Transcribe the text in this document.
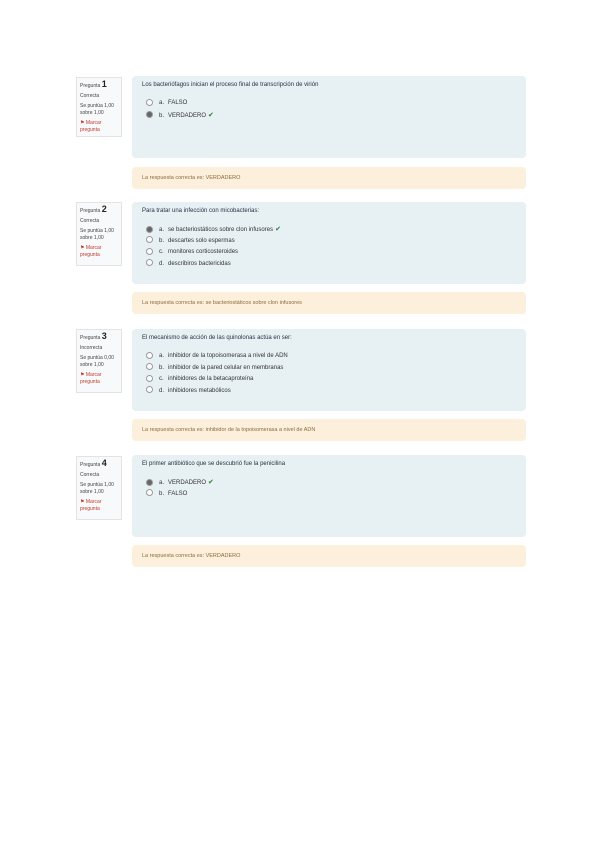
Pregunta 1
Correcta
Se puntúa 1,00 sobre 1,00
⚑ Marcar pregunta
Los bacteriófagos inician el proceso final de transcripción de virión
a. FALSO
b. VERDADERO ✔
La respuesta correcta es: VERDADERO
Pregunta 2
Correcta
Se puntúa 1,00 sobre 1,00
⚑ Marcar pregunta
Para tratar una infección con micobacterias:
a. se bacteriostáticos sobre clon infusores ✔
b. descartes solo espermas
c. monitores corticosteroides
d. describiros bactericidas
La respuesta correcta es: se bacteriostáticos sobre clon infusores
Pregunta 3
Incorrecta
Se puntúa 0,00 sobre 1,00
⚑ Marcar pregunta
El mecanismo de acción de las quinolonas actúa en ser:
a. inhibidor de la topoisomerasa a nivel de ADN
b. inhibidor de la pared celular en membranas
c. inhibidores de la betacaproteína
d. inhibidores metabólicos
La respuesta correcta es: inhibidor de la topoisomerasa a nivel de ADN
Pregunta 4
Correcta
Se puntúa 1,00 sobre 1,00
⚑ Marcar pregunta
El primer antibiótico que se descubrió fue la penicilina
a. VERDADERO ✔
b. FALSO
La respuesta correcta es: VERDADERO
